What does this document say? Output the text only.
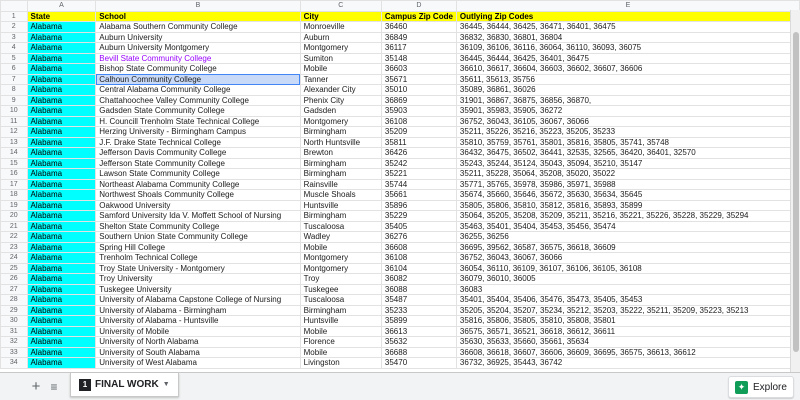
	A	B	C	D	E
1	State	School	City	Campus Zip Code	Outlying Zip Codes
2	Alabama	Alabama Southern Community College	Monroeville	36460	36445, 36444, 36425, 36471, 36401, 36475
3	Alabama	Auburn University	Auburn	36849	36832, 36830, 36801, 36804
4	Alabama	Auburn University Montgomery	Montgomery	36117	36109, 36106, 36116, 36064, 36110, 36093, 36075
5	Alabama	Bevill State Community College	Sumiton	35148	36445, 36444, 36425, 36401, 36475
6	Alabama	Bishop State Community College	Mobile	36603	36610, 36617, 36604, 36603, 36602, 36607, 36606
7	Alabama	Calhoun Community College	Tanner	35671	35611, 35613, 35756
8	Alabama	Central Alabama Community College	Alexander City	35010	35089, 36861, 36026
9	Alabama	Chattahoochee Valley Community College	Phenix City	36869	31901, 36867, 36875, 36856, 36870,
10	Alabama	Gadsden State Community College	Gadsden	35903	35901, 35983, 35905, 36272
11	Alabama	H. Councill Trenholm State Technical College	Montgomery	36108	36752, 36043, 36105, 36067, 36066
12	Alabama	Herzing University - Birmingham Campus	Birmingham	35209	35211, 35226, 35216, 35223, 35205, 35233
13	Alabama	J.F. Drake State Technical College	North Huntsville	35811	35810, 35759, 35761, 35801, 35816, 35805, 35741, 35748
14	Alabama	Jefferson Davis Community College	Brewton	36426	36432, 36475, 36502, 36441, 32535, 32565, 36420, 36401, 32570
15	Alabama	Jefferson State Community College	Birmingham	35242	35243, 35244, 35124, 35043, 35094, 35210, 35147
16	Alabama	Lawson State Community College	Birmingham	35221	35211, 35228, 35064, 35208, 35020, 35022
17	Alabama	Northeast Alabama Community College	Rainsville	35744	35771, 35765, 35978, 35986, 35971, 35988
18	Alabama	Northwest Shoals Community College	Muscle Shoals	35661	35674, 35660, 35646, 35672, 35630, 35634, 35645
19	Alabama	Oakwood University	Huntsville	35896	35805, 35806, 35810, 35812, 35816, 35893, 35899
20	Alabama	Samford University Ida V. Moffett School of Nursing	Birmingham	35229	35064, 35205, 35208, 35209, 35211, 35216, 35221, 35226, 35228, 35229, 35294
21	Alabama	Shelton State Community College	Tuscaloosa	35405	35463, 35401, 35404, 35453, 35456, 35474
22	Alabama	Southern Union State Community College	Wadley	36276	36255, 36256
23	Alabama	Spring Hill College	Mobile	36608	36695, 39562, 36587, 36575, 36618, 36609
24	Alabama	Trenholm Technical College	Montgomery	36108	36752, 36043, 36067, 36066
25	Alabama	Troy State University - Montgomery	Montgomery	36104	36054, 36110, 36109, 36107, 36106, 36105, 36108
26	Alabama	Troy University	Troy	36082	36079, 36010, 36005
27	Alabama	Tuskegee University	Tuskegee	36088	36083
28	Alabama	University of Alabama Capstone College of Nursing	Tuscaloosa	35487	35401, 35404, 35406, 35476, 35473, 35405, 35453
29	Alabama	University of Alabama - Birmingham	Birmingham	35233	35205, 35204, 35207, 35234, 35212, 35203, 35222, 35211, 35209, 35223, 35213
30	Alabama	University of Alabama - Huntsville	Huntsville	35899	35816, 35806, 35805, 35810, 35808, 35801
31	Alabama	University of Mobile	Mobile	36613	36575, 36571, 36521, 36618, 36612, 36611
32	Alabama	University of North Alabama	Florence	35632	35630, 35633, 35660, 35661, 35634
33	Alabama	University of South Alabama	Mobile	36688	36608, 36618, 36607, 36606, 36609, 36695, 36575, 36613, 36612
34	Alabama	University of West Alabama	Livingston	35470	36732, 36925, 35443, 36742
+ ≡	1 FINAL WORK ▼	✦ Explore
